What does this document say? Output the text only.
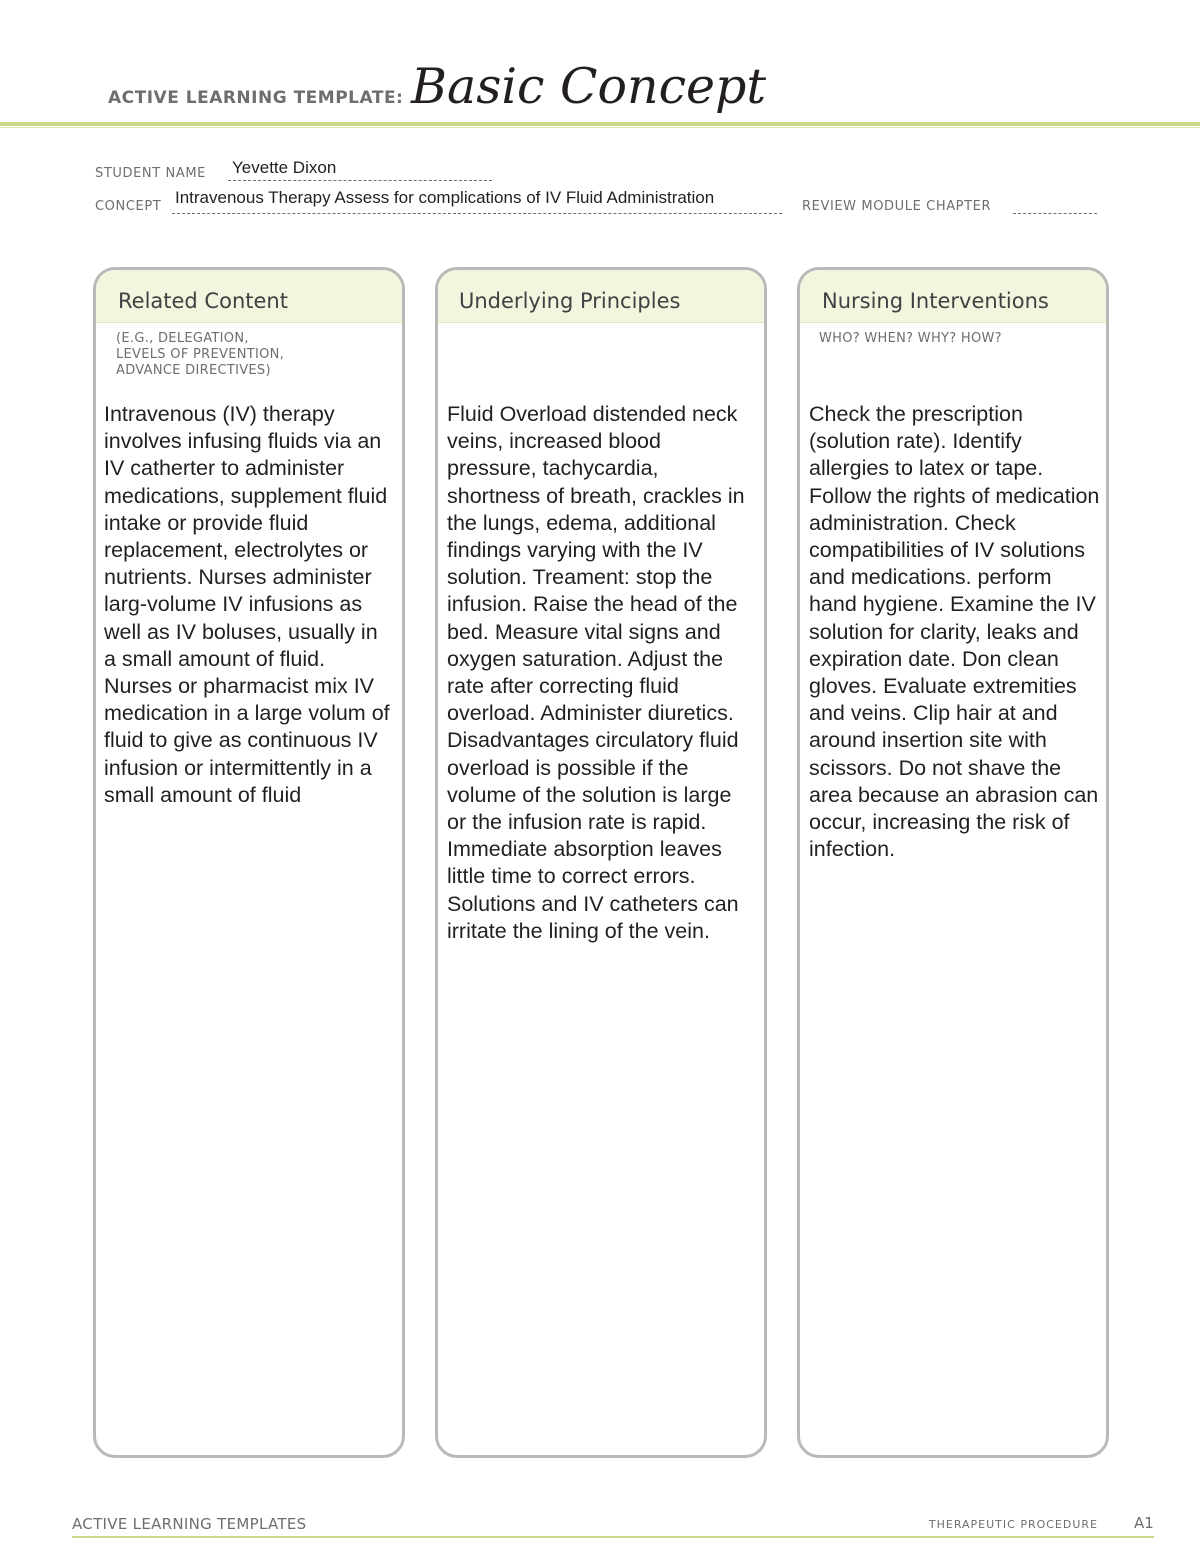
ACTIVE LEARNING TEMPLATE: Basic Concept
STUDENT NAME Yevette Dixon
CONCEPT Intravenous Therapy Assess for complications of IV Fluid Administration	REVIEW MODULE CHAPTER
Related Content
(E.G., DELEGATION,
LEVELS OF PREVENTION,
ADVANCE DIRECTIVES)
Intravenous (IV) therapy involves infusing fluids via an IV catherter to administer medications, supplement fluid intake or provide fluid replacement, electrolytes or nutrients. Nurses administer larg-volume IV infusions as well as IV boluses, usually in a small amount of fluid. Nurses or pharmacist mix IV medication in a large volum of fluid to give as continuous IV infusion or intermittently in a small amount of fluid
Underlying Principles
Fluid Overload distended neck veins, increased blood pressure, tachycardia, shortness of breath, crackles in the lungs, edema, additional findings varying with the IV solution. Treament: stop the infusion. Raise the head of the bed. Measure vital signs and oxygen saturation. Adjust the rate after correcting fluid overload. Administer diuretics. Disadvantages circulatory fluid overload is possible if the volume of the solution is large or the infusion rate is rapid. Immediate absorption leaves little time to correct errors. Solutions and IV catheters can irritate the lining of the vein.
Nursing Interventions
WHO? WHEN? WHY? HOW?
Check the prescription (solution rate). Identify allergies to latex or tape. Follow the rights of medication administration. Check compatibilities of IV solutions and medications. perform hand hygiene. Examine the IV solution for clarity, leaks and expiration date. Don clean gloves. Evaluate extremities and veins. Clip hair at and around insertion site with scissors. Do not shave the area because an abrasion can occur, increasing the risk of infection.
ACTIVE LEARNING TEMPLATES	THERAPEUTIC PROCEDURE A1
